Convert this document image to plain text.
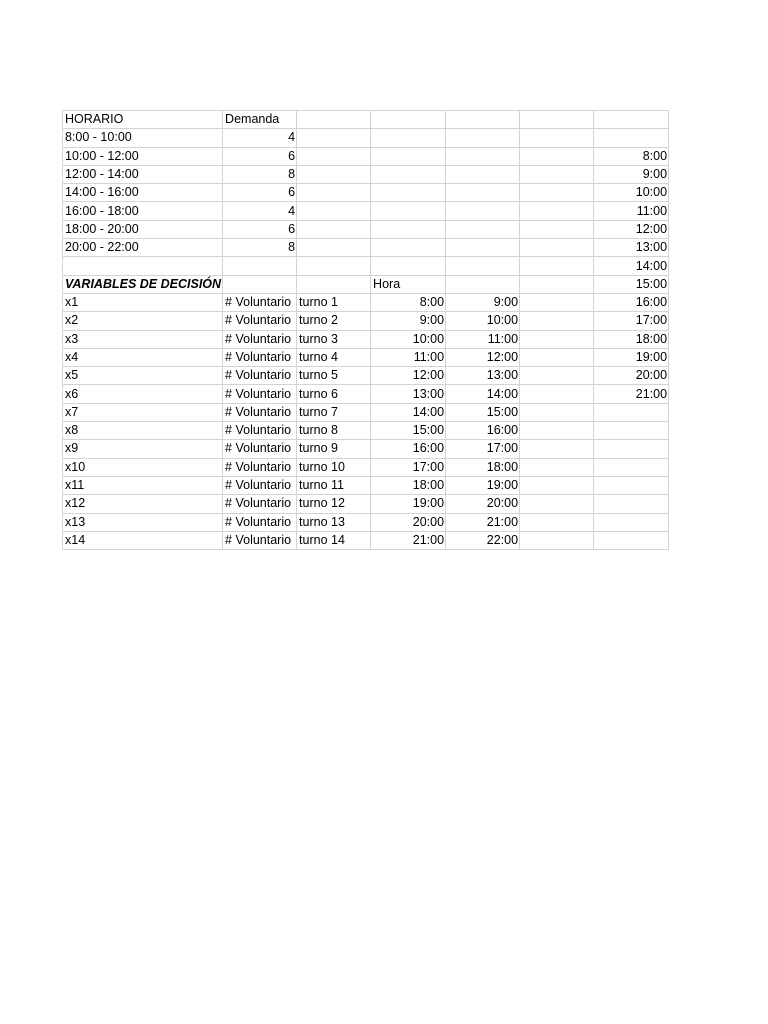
HORARIO	Demanda					
8:00 - 10:00	4					
10:00 - 12:00	6					8:00
12:00 - 14:00	8					9:00
14:00 - 16:00	6					10:00
16:00 - 18:00	4					11:00
18:00 - 20:00	6					12:00
20:00 - 22:00	8					13:00
						14:00
VARIABLES DE DECISIÓN			Hora			15:00
x1	# Voluntario	turno 1	8:00	9:00		16:00
x2	# Voluntario	turno 2	9:00	10:00		17:00
x3	# Voluntario	turno 3	10:00	11:00		18:00
x4	# Voluntario	turno 4	11:00	12:00		19:00
x5	# Voluntario	turno 5	12:00	13:00		20:00
x6	# Voluntario	turno 6	13:00	14:00		21:00
x7	# Voluntario	turno 7	14:00	15:00		
x8	# Voluntario	turno 8	15:00	16:00		
x9	# Voluntario	turno 9	16:00	17:00		
x10	# Voluntario	turno 10	17:00	18:00		
x11	# Voluntario	turno 11	18:00	19:00		
x12	# Voluntario	turno 12	19:00	20:00		
x13	# Voluntario	turno 13	20:00	21:00		
x14	# Voluntario	turno 14	21:00	22:00		
